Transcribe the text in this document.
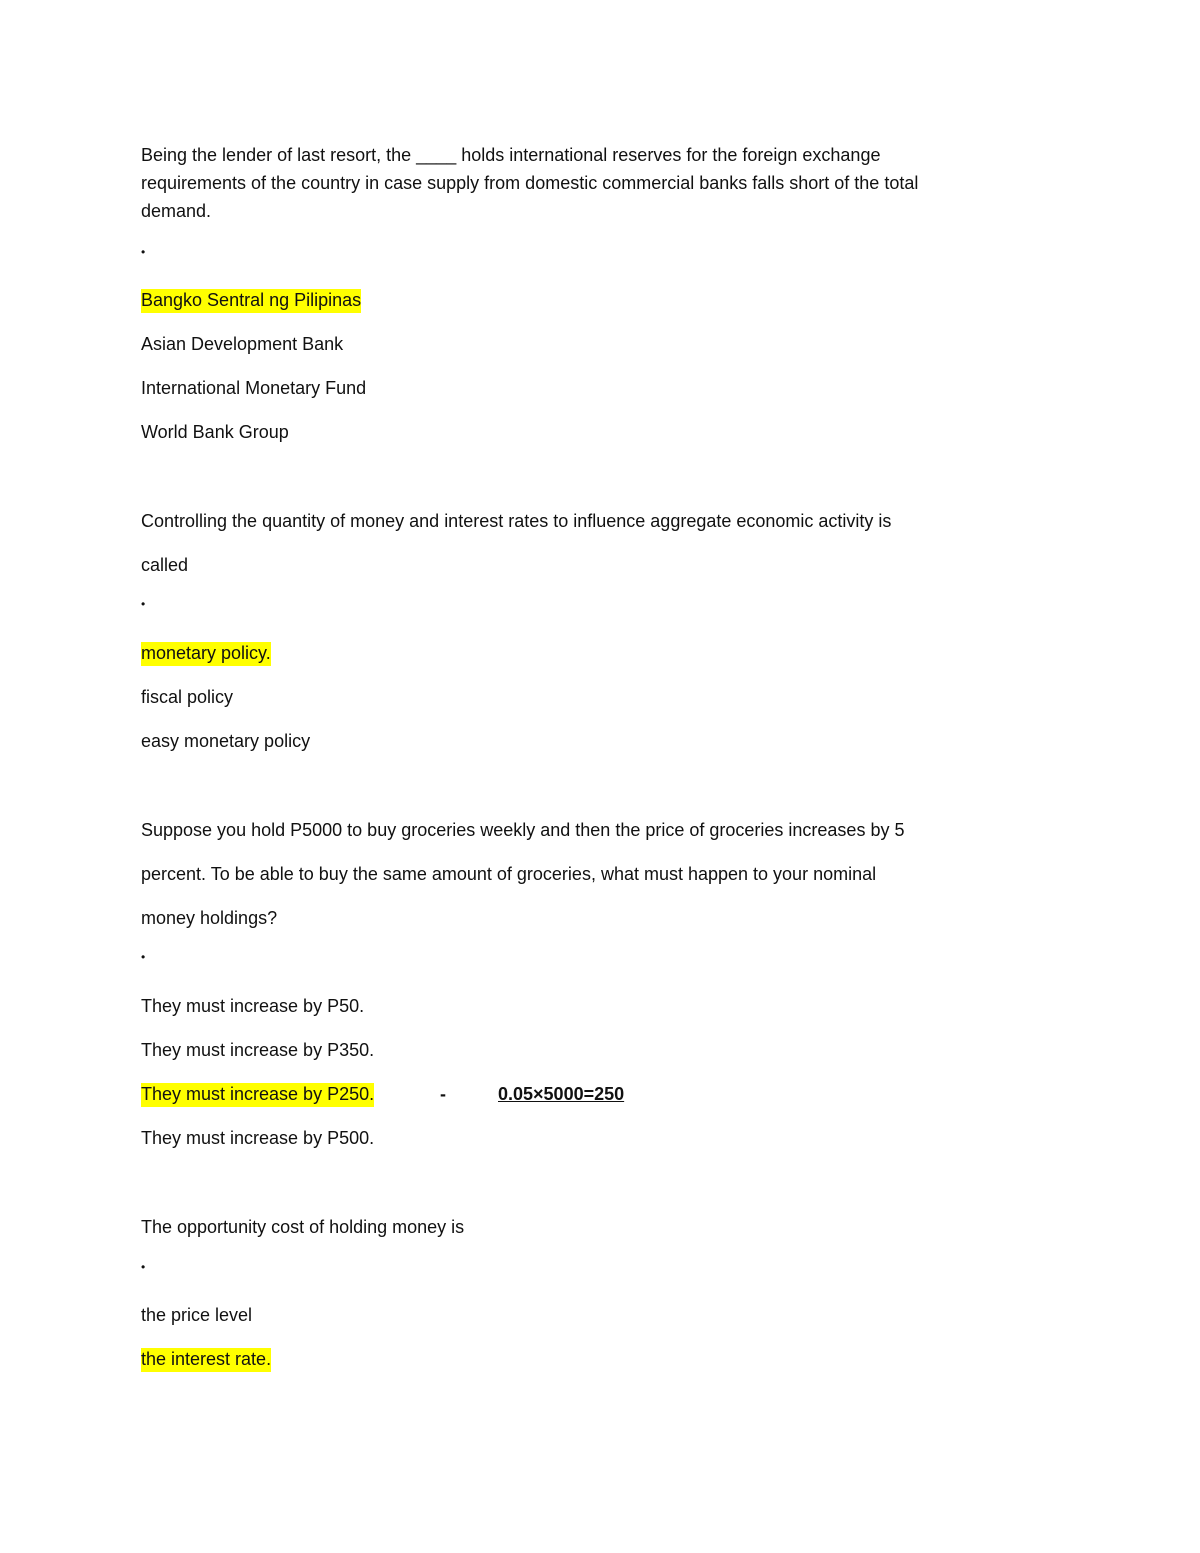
Being the lender of last resort, the ____ holds international reserves for the foreign exchange
requirements of the country in case supply from domestic commercial banks falls short of the total
demand.
•
Bangko Sentral ng Pilipinas
Asian Development Bank
International Monetary Fund
World Bank Group
Controlling the quantity of money and interest rates to influence aggregate economic activity is
called
•
monetary policy.
fiscal policy
easy monetary policy
Suppose you hold P5000 to buy groceries weekly and then the price of groceries increases by 5
percent. To be able to buy the same amount of groceries, what must happen to your nominal
money holdings?
•
They must increase by P50.
They must increase by P350.
They must increase by P250.	-	0.05×5000=250
They must increase by P500.
The opportunity cost of holding money is
•
the price level
the interest rate.
